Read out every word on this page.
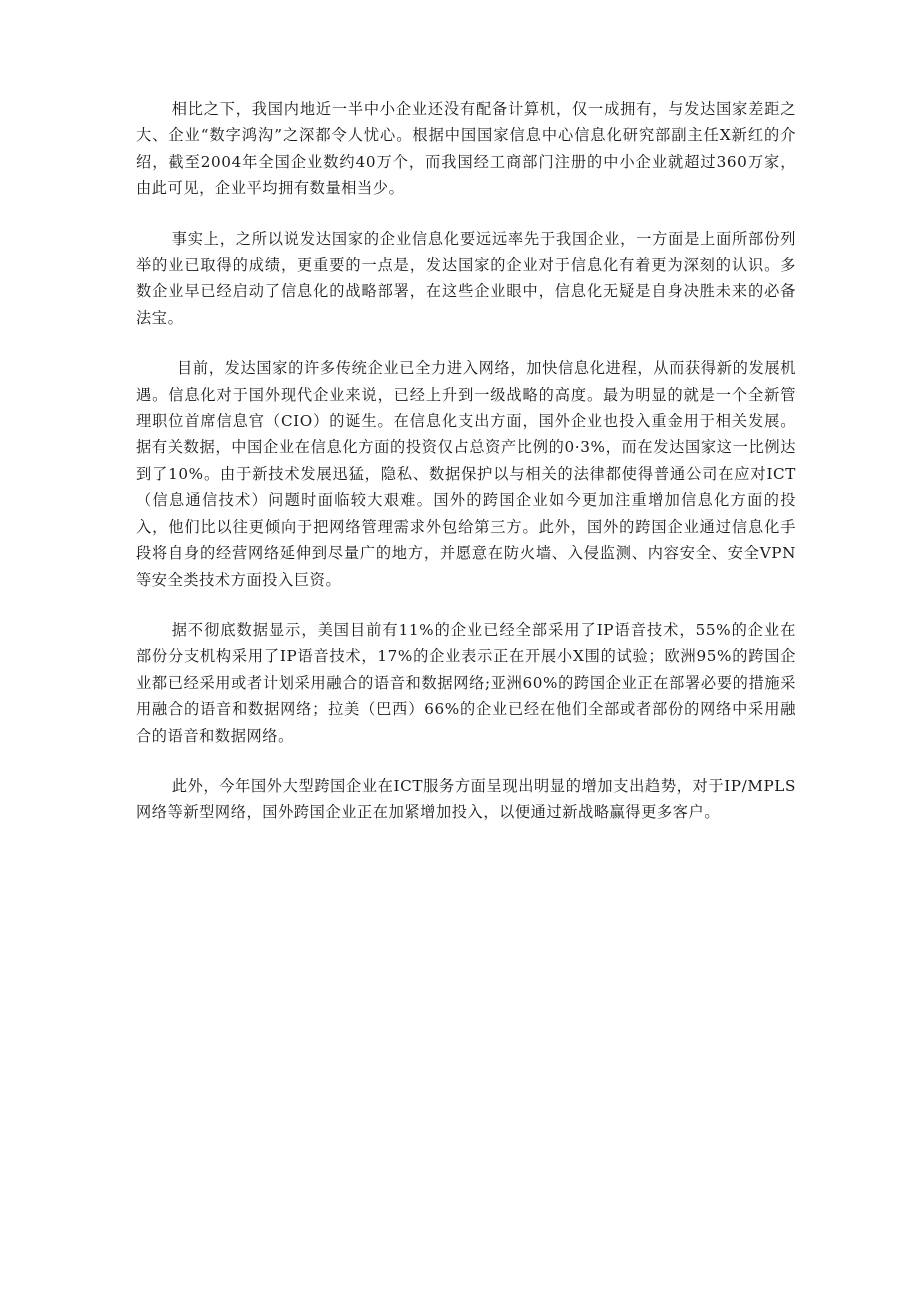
相比之下，我国内地近一半中小企业还没有配备计算机，仅一成拥有，与发达国家差距之大、企业“数字鸿沟”之深都令人忧心。根据中国国家信息中心信息化研究部副主任X新红的介绍，截至2004年全国企业数约40万个，而我国经工商部门注册的中小企业就超过360万家，由此可见，企业平均拥有数量相当少。

事实上，之所以说发达国家的企业信息化要远远率先于我国企业，一方面是上面所部份列举的业已取得的成绩，更重要的一点是，发达国家的企业对于信息化有着更为深刻的认识。多数企业早已经启动了信息化的战略部署，在这些企业眼中，信息化无疑是自身决胜未来的必备法宝。

目前，发达国家的许多传统企业已全力进入网络，加快信息化进程，从而获得新的发展机遇。信息化对于国外现代企业来说，已经上升到一级战略的高度。最为明显的就是一个全新管理职位首席信息官（CIO）的诞生。在信息化支出方面，国外企业也投入重金用于相关发展。据有关数据，中国企业在信息化方面的投资仅占总资产比例的0·3%，而在发达国家这一比例达到了10%。由于新技术发展迅猛，隐私、数据保护以与相关的法律都使得普通公司在应对ICT（信息通信技术）问题时面临较大艰难。国外的跨国企业如今更加注重增加信息化方面的投入，他们比以往更倾向于把网络管理需求外包给第三方。此外，国外的跨国企业通过信息化手段将自身的经营网络延伸到尽量广的地方，并愿意在防火墙、入侵监测、内容安全、安全VPN等安全类技术方面投入巨资。

据不彻底数据显示，美国目前有11%的企业已经全部采用了IP语音技术，55%的企业在部份分支机构采用了IP语音技术，17%的企业表示正在开展小X围的试验；欧洲95%的跨国企业都已经采用或者计划采用融合的语音和数据网络;亚洲60%的跨国企业正在部署必要的措施采用融合的语音和数据网络；拉美（巴西）66%的企业已经在他们全部或者部份的网络中采用融合的语音和数据网络。

此外，今年国外大型跨国企业在ICT服务方面呈现出明显的增加支出趋势，对于IP/MPLS网络等新型网络，国外跨国企业正在加紧增加投入，以便通过新战略赢得更多客户。
